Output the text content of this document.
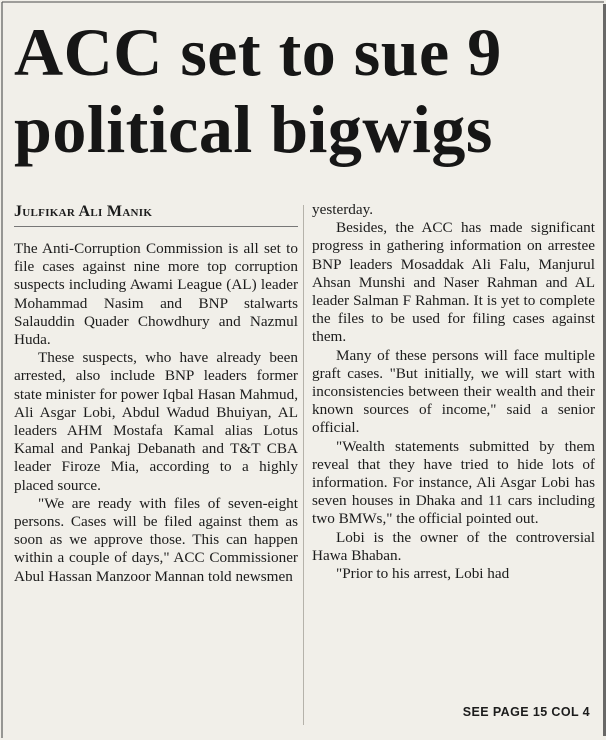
ACC set to sue 9
political bigwigs
Julfikar Ali Manik

The Anti-Corruption Commission is all set to file cases against nine more top corruption suspects including Awami League (AL) leader Mohammad Nasim and BNP stalwarts Salauddin Quader Chowdhury and Nazmul Huda.

These suspects, who have already been arrested, also include BNP leaders former state minister for power Iqbal Hasan Mahmud, Ali Asgar Lobi, Abdul Wadud Bhuiyan, AL leaders AHM Mostafa Kamal alias Lotus Kamal and Pankaj Debanath and T&T CBA leader Firoze Mia, according to a highly placed source.

"We are ready with files of seven-eight persons. Cases will be filed against them as soon as we approve those. This can happen within a couple of days," ACC Commissioner Abul Hassan Manzoor Mannan told newsmen

yesterday.

Besides, the ACC has made significant progress in gathering information on arrestee BNP leaders Mosaddak Ali Falu, Manjurul Ahsan Munshi and Naser Rahman and AL leader Salman F Rahman. It is yet to complete the files to be used for filing cases against them.

Many of these persons will face multiple graft cases. "But initially, we will start with inconsistencies between their wealth and their known sources of income," said a senior official.

"Wealth statements submitted by them reveal that they have tried to hide lots of information. For instance, Ali Asgar Lobi has seven houses in Dhaka and 11 cars including two BMWs," the official pointed out.

Lobi is the owner of the controversial Hawa Bhaban.

"Prior to his arrest, Lobi had

SEE PAGE 15 COL 4
